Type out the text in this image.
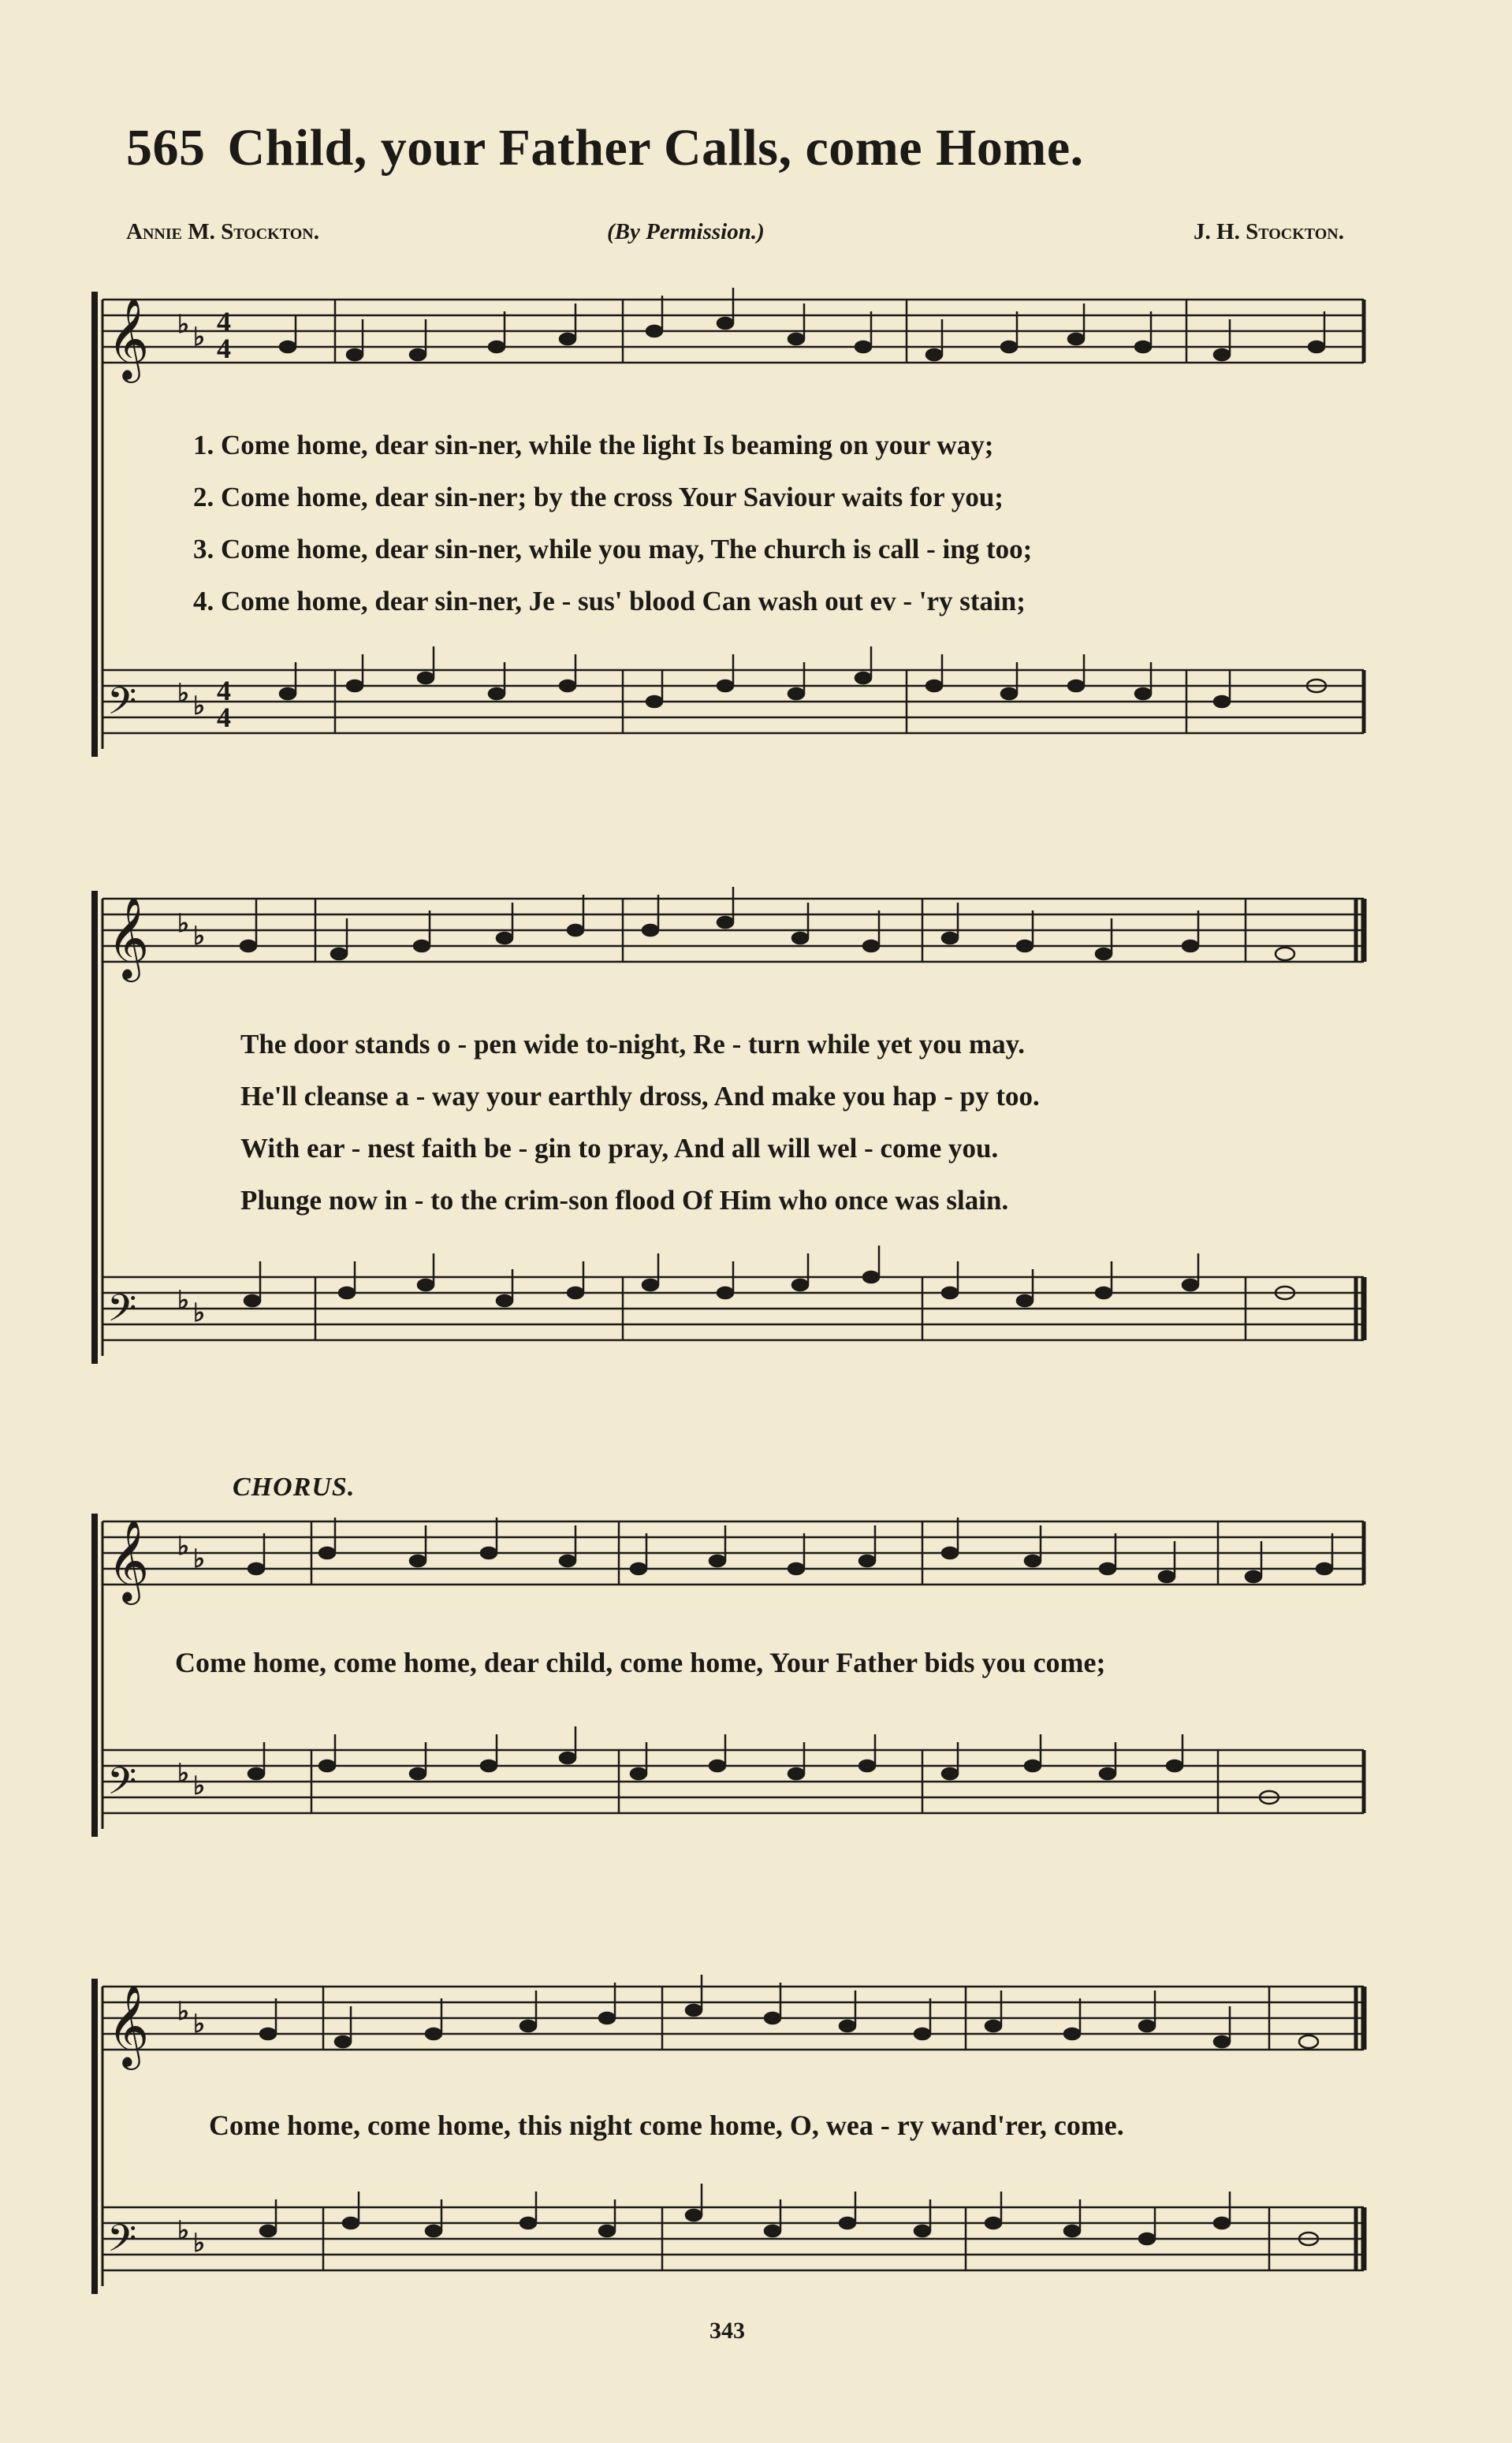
565 Child, your Father Calls, come Home.
Annie M. Stockton.	(By Permission.)	J. H. Stockton.
𝄞
𝄢
♭ ♭ 4
4
♭ ♭ 4
4
1. Come home, dear sin-ner, while the light Is beaming on your way;
2. Come home, dear sin-ner; by the cross Your Saviour waits for you;
3. Come home, dear sin-ner, while you may, The church is call - ing too;
4. Come home, dear sin-ner, Je - sus' blood Can wash out ev - 'ry stain;
𝄞
𝄢
♭ ♭
♭ ♭
The door stands o - pen wide to-night, Re - turn while yet you may.
He'll cleanse a - way your earthly dross, And make you hap - py too.
With ear - nest faith be - gin to pray, And all will wel - come you.
Plunge now in - to the crim-son flood Of Him who once was slain.
CHORUS.
𝄞
𝄢
♭ ♭
♭ ♭
Come home, come home, dear child, come home, Your Father bids you come;
𝄞
𝄢
♭ ♭
♭ ♭
Come home, come home, this night come home, O, wea - ry wand'rer, come.
343
